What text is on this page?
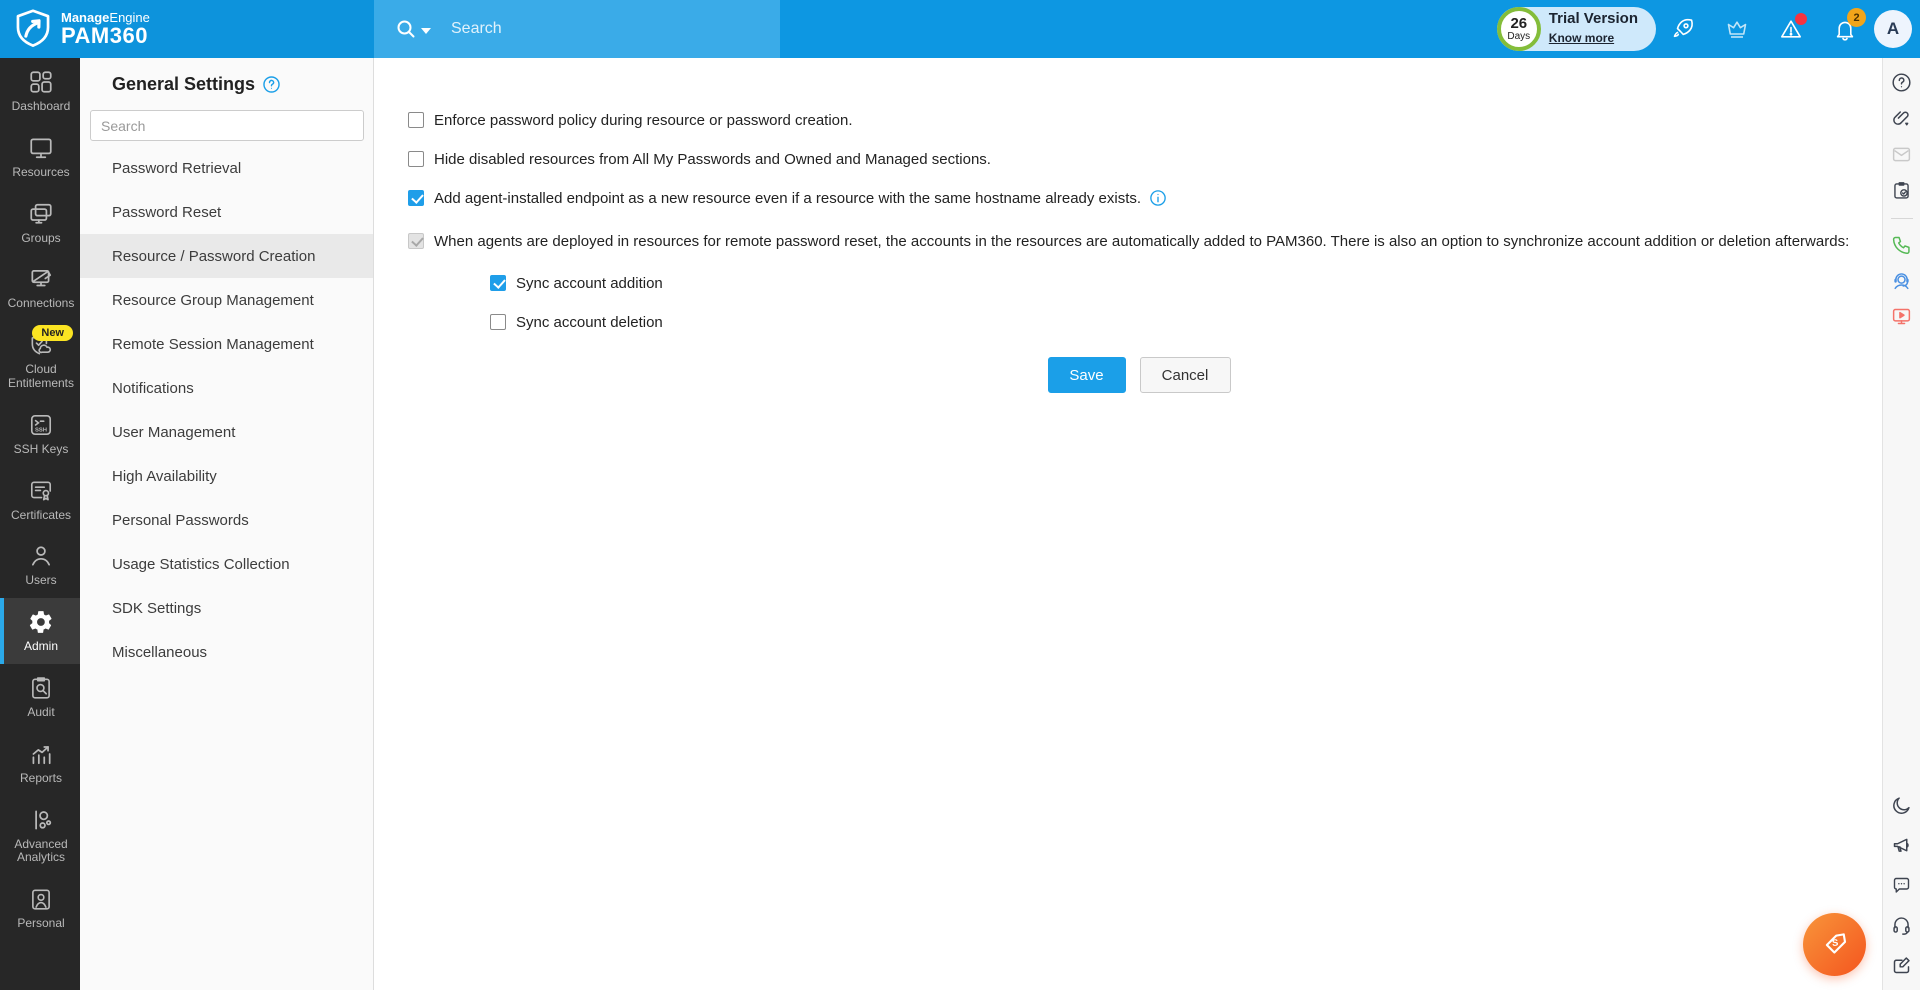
ManageEngine
PAM360
Search	26
Days
Trial Version
Know more
2
A
Dashboard
Resources
Groups
Connections
New
Cloud Entitlements
SSH
SSH Keys
Certificates
Users
Admin
Audit
Reports
Advanced Analytics
Personal
General Settings
Search
Password Retrieval
Password Reset
Resource / Password Creation
Resource Group Management
Remote Session Management
Notifications
User Management
High Availability
Personal Passwords
Usage Statistics Collection
SDK Settings
Miscellaneous
Enforce password policy during resource or password creation.
Hide disabled resources from All My Passwords and Owned and Managed sections.
Add agent-installed endpoint as a new resource even if a resource with the same hostname already exists.
When agents are deployed in resources for remote password reset, the accounts in the resources are automatically added to PAM360. There is also an option to synchronize account addition or deletion afterwards:
Sync account addition
Sync account deletion
Save	Cancel
S
